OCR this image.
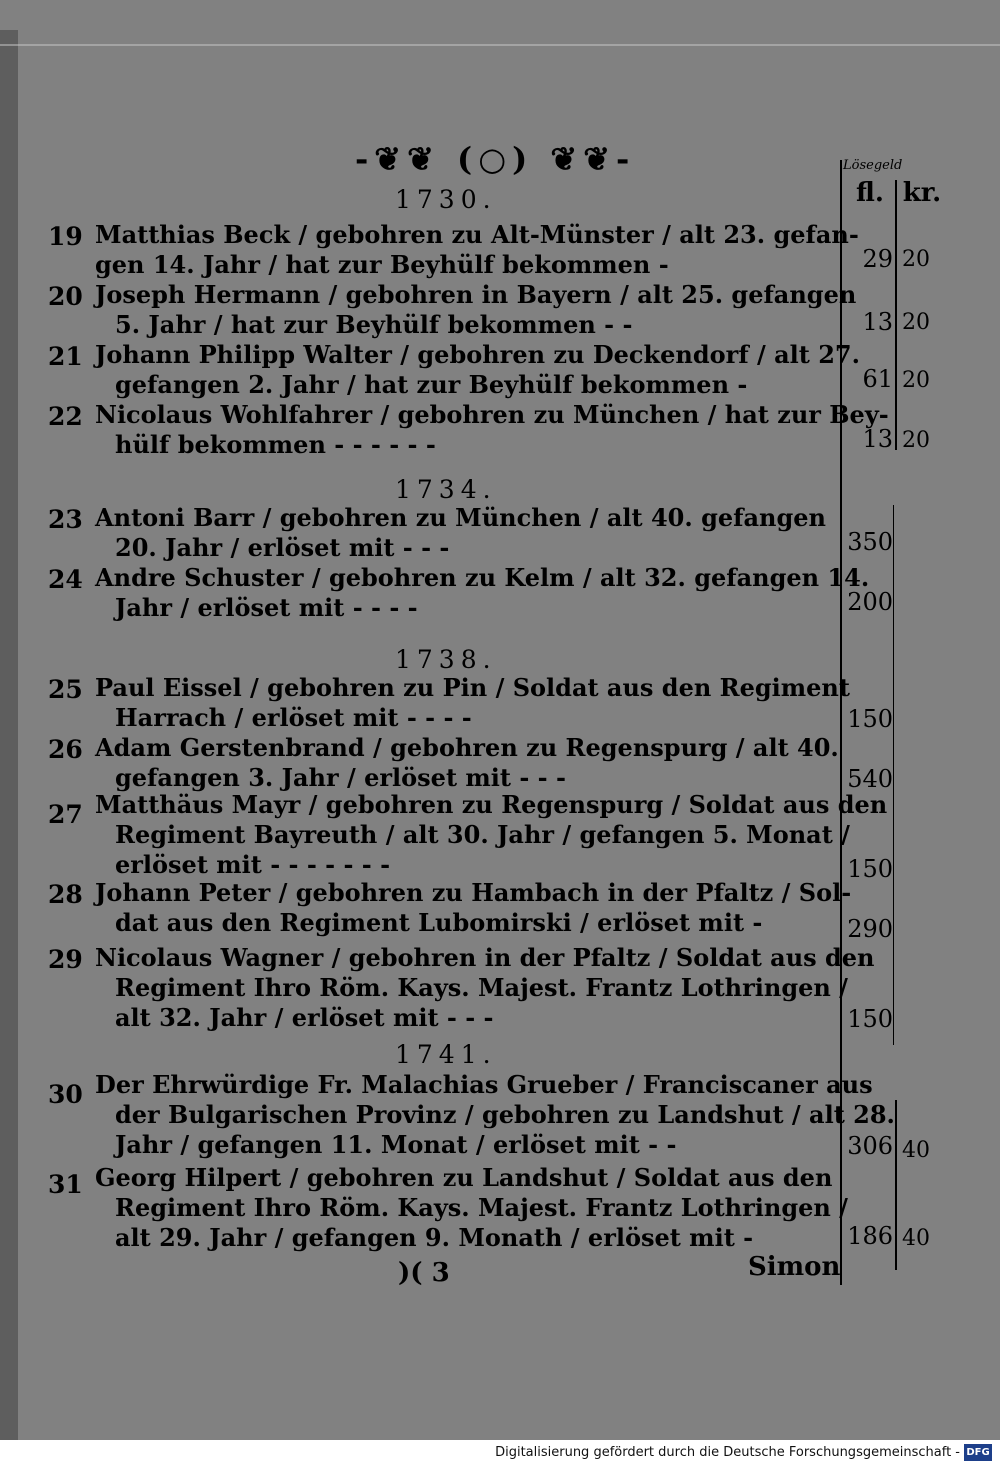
-❦❦ (○) ❦❦-	Lösegeld
fl. kr.
1730.
1734.
1738.
1741.
19 Matthias Beck / gebohren zu Alt-Münster / alt 23. gefan-
gen 14. Jahr / hat zur Beyhülf bekommen -	29 20
20 Joseph Hermann / gebohren in Bayern / alt 25. gefangen
5. Jahr / hat zur Beyhülf bekommen - -	13 20
21 Johann Philipp Walter / gebohren zu Deckendorf / alt 27.
gefangen 2. Jahr / hat zur Beyhülf bekommen -	61 20
22 Nicolaus Wohlfahrer / gebohren zu München / hat zur Bey-
hülf bekommen - - - - - -	13 20
23 Antoni Barr / gebohren zu München / alt 40. gefangen
20. Jahr / erlöset mit - - -	350
24 Andre Schuster / gebohren zu Kelm / alt 32. gefangen 14.
Jahr / erlöset mit - - - -	200
25 Paul Eissel / gebohren zu Pin / Soldat aus den Regiment
Harrach / erlöset mit - - - -	150
26 Adam Gerstenbrand / gebohren zu Regenspurg / alt 40.
gefangen 3. Jahr / erlöset mit - - -	540
27 Matthäus Mayr / gebohren zu Regenspurg / Soldat aus den
Regiment Bayreuth / alt 30. Jahr / gefangen 5. Monat /
erlöset mit - - - - - - -	150
28 Johann Peter / gebohren zu Hambach in der Pfaltz / Sol-
dat aus den Regiment Lubomirski / erlöset mit -	290
29 Nicolaus Wagner / gebohren in der Pfaltz / Soldat aus den
Regiment Ihro Röm. Kays. Majest. Frantz Lothringen /
alt 32. Jahr / erlöset mit - - -	150
30 Der Ehrwürdige Fr. Malachias Grueber / Franciscaner aus
der Bulgarischen Provinz / gebohren zu Landshut / alt 28.
Jahr / gefangen 11. Monat / erlöset mit - -	306 40
31 Georg Hilpert / gebohren zu Landshut / Soldat aus den
Regiment Ihro Röm. Kays. Majest. Frantz Lothringen /
alt 29. Jahr / gefangen 9. Monath / erlöset mit -	186 40
)( 3	Simon
Digitalisierung gefördert durch die Deutsche Forschungsgemeinschaft - DFG
